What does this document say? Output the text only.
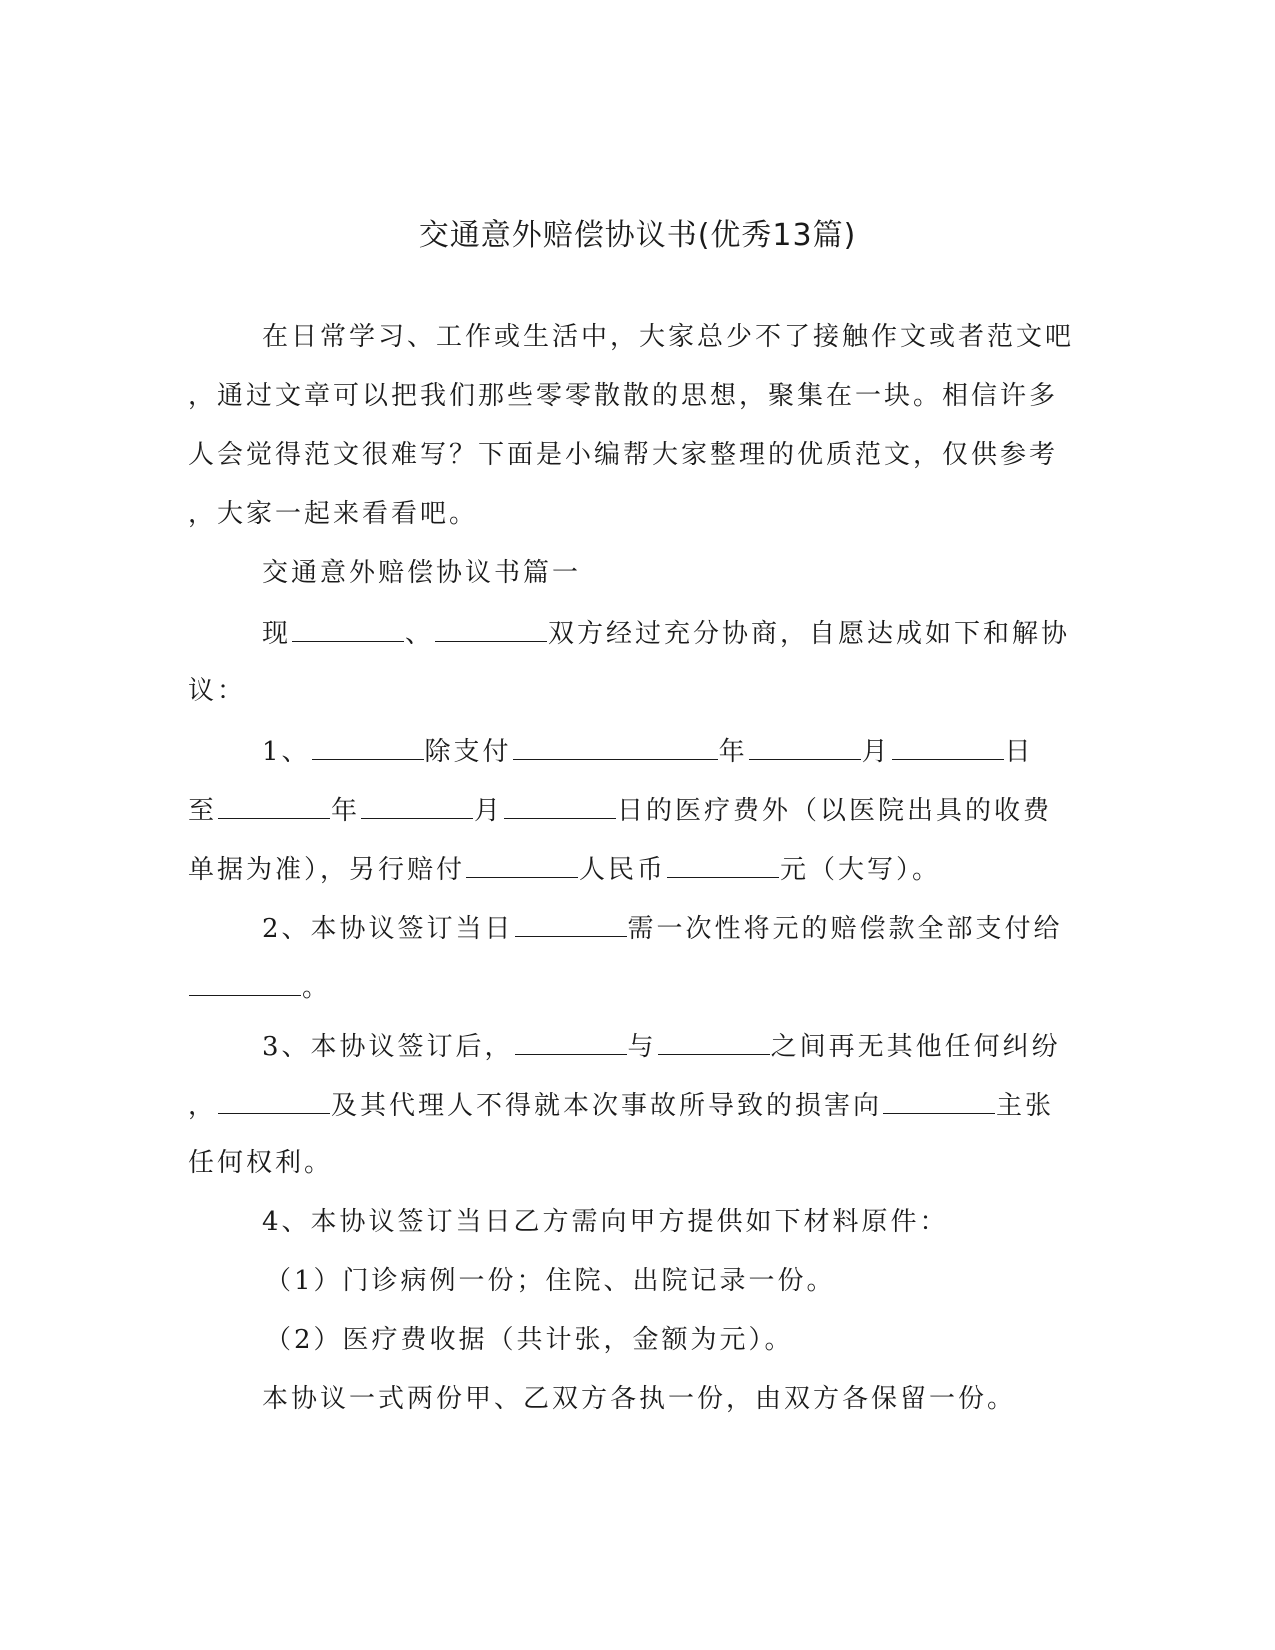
交通意外赔偿协议书(优秀13篇)
在日常学习、工作或生活中，大家总少不了接触作文或者范文吧
，通过文章可以把我们那些零零散散的思想，聚集在一块。相信许多
人会觉得范文很难写？下面是小编帮大家整理的优质范文，仅供参考
，大家一起来看看吧。
交通意外赔偿协议书篇一
现	、	双方经过充分协商，自愿达成如下和解协
议：
1、	除支付	年	月	日
至	年	月	日的医疗费外（以医院出具的收费
单据为准），另行赔付	人民币	元（大写）。
2、本协议签订当日	需一次性将元的赔偿款全部支付给
。
3、本协议签订后，	与	之间再无其他任何纠纷
，	及其代理人不得就本次事故所导致的损害向	主张
任何权利。
4、本协议签订当日乙方需向甲方提供如下材料原件：
（1）门诊病例一份；住院、出院记录一份。
（2）医疗费收据（共计张，金额为元）。
本协议一式两份甲、乙双方各执一份，由双方各保留一份。
